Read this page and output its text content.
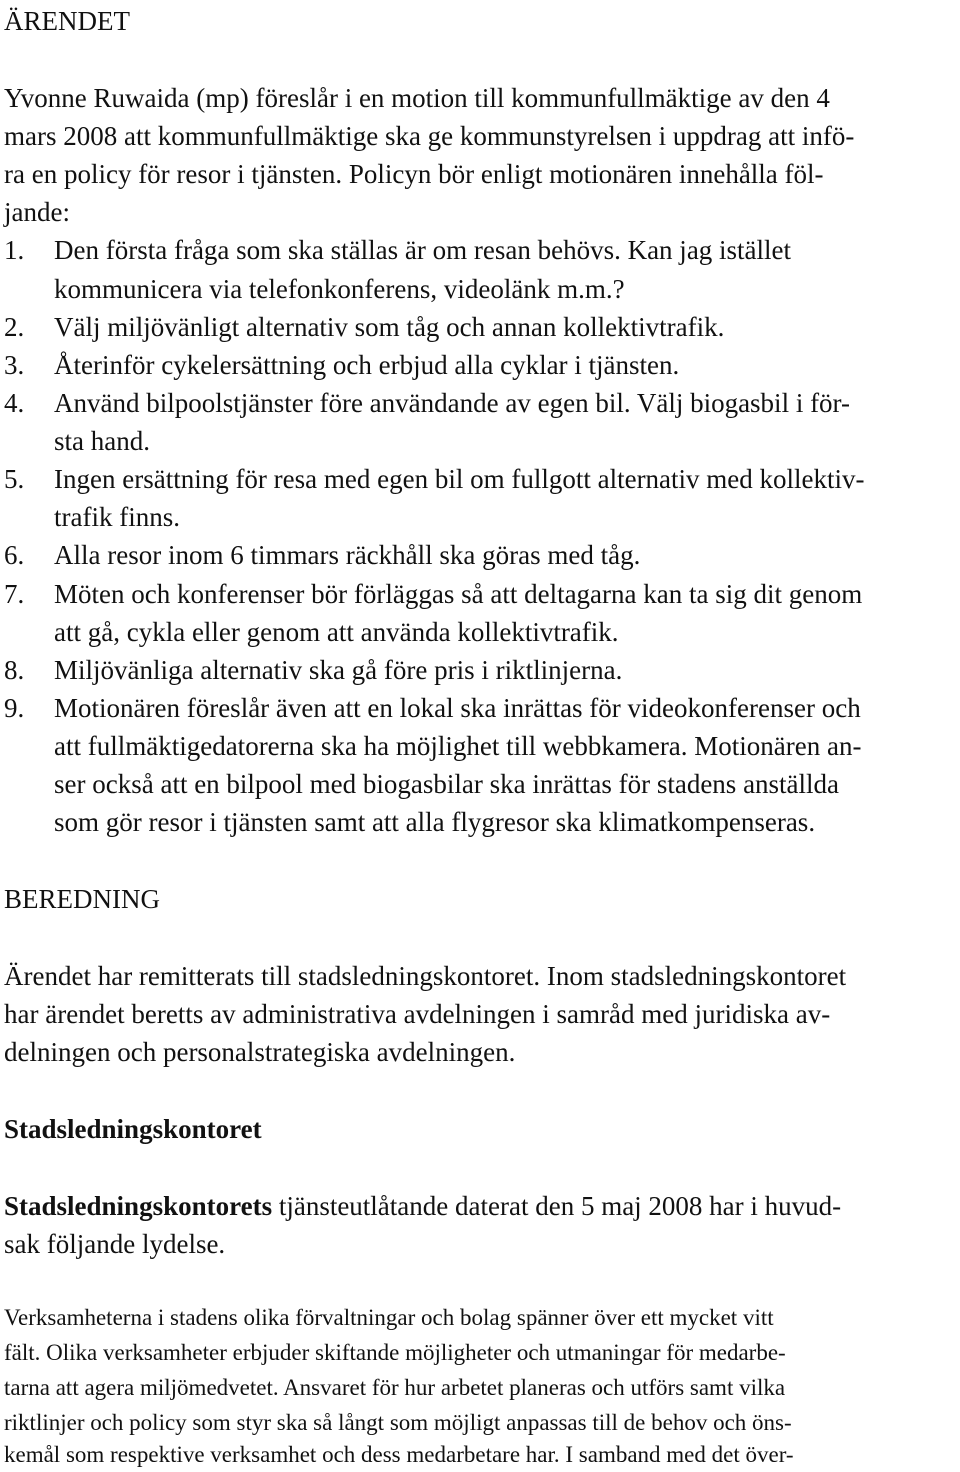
ÄRENDET
Yvonne Ruwaida (mp) föreslår i en motion till kommunfullmäktige av den 4
mars 2008 att kommunfullmäktige ska ge kommunstyrelsen i uppdrag att infö-
ra en policy för resor i tjänsten. Policyn bör enligt motionären innehålla föl-
jande:
1. Den första fråga som ska ställas är om resan behövs. Kan jag istället
kommunicera via telefonkonferens, videolänk m.m.?
2. Välj miljövänligt alternativ som tåg och annan kollektivtrafik.
3. Återinför cykelersättning och erbjud alla cyklar i tjänsten.
4. Använd bilpoolstjänster före användande av egen bil. Välj biogasbil i för-
sta hand.
5. Ingen ersättning för resa med egen bil om fullgott alternativ med kollektiv-
trafik finns.
6. Alla resor inom 6 timmars räckhåll ska göras med tåg.
7. Möten och konferenser bör förläggas så att deltagarna kan ta sig dit genom
att gå, cykla eller genom att använda kollektivtrafik.
8. Miljövänliga alternativ ska gå före pris i riktlinjerna.
9. Motionären föreslår även att en lokal ska inrättas för videokonferenser och
att fullmäktigedatorerna ska ha möjlighet till webbkamera. Motionären an-
ser också att en bilpool med biogasbilar ska inrättas för stadens anställda
som gör resor i tjänsten samt att alla flygresor ska klimatkompenseras.
BEREDNING
Ärendet har remitterats till stadsledningskontoret. Inom stadsledningskontoret
har ärendet beretts av administrativa avdelningen i samråd med juridiska av-
delningen och personalstrategiska avdelningen.
Stadsledningskontoret
Stadsledningskontorets tjänsteutlåtande daterat den 5 maj 2008 har i huvud-
sak följande lydelse.
Verksamheterna i stadens olika förvaltningar och bolag spänner över ett mycket vitt
fält. Olika verksamheter erbjuder skiftande möjligheter och utmaningar för medarbe-
tarna att agera miljömedvetet. Ansvaret för hur arbetet planeras och utförs samt vilka
riktlinjer och policy som styr ska så långt som möjligt anpassas till de behov och öns-
kemål som respektive verksamhet och dess medarbetare har. I samband med det över-
